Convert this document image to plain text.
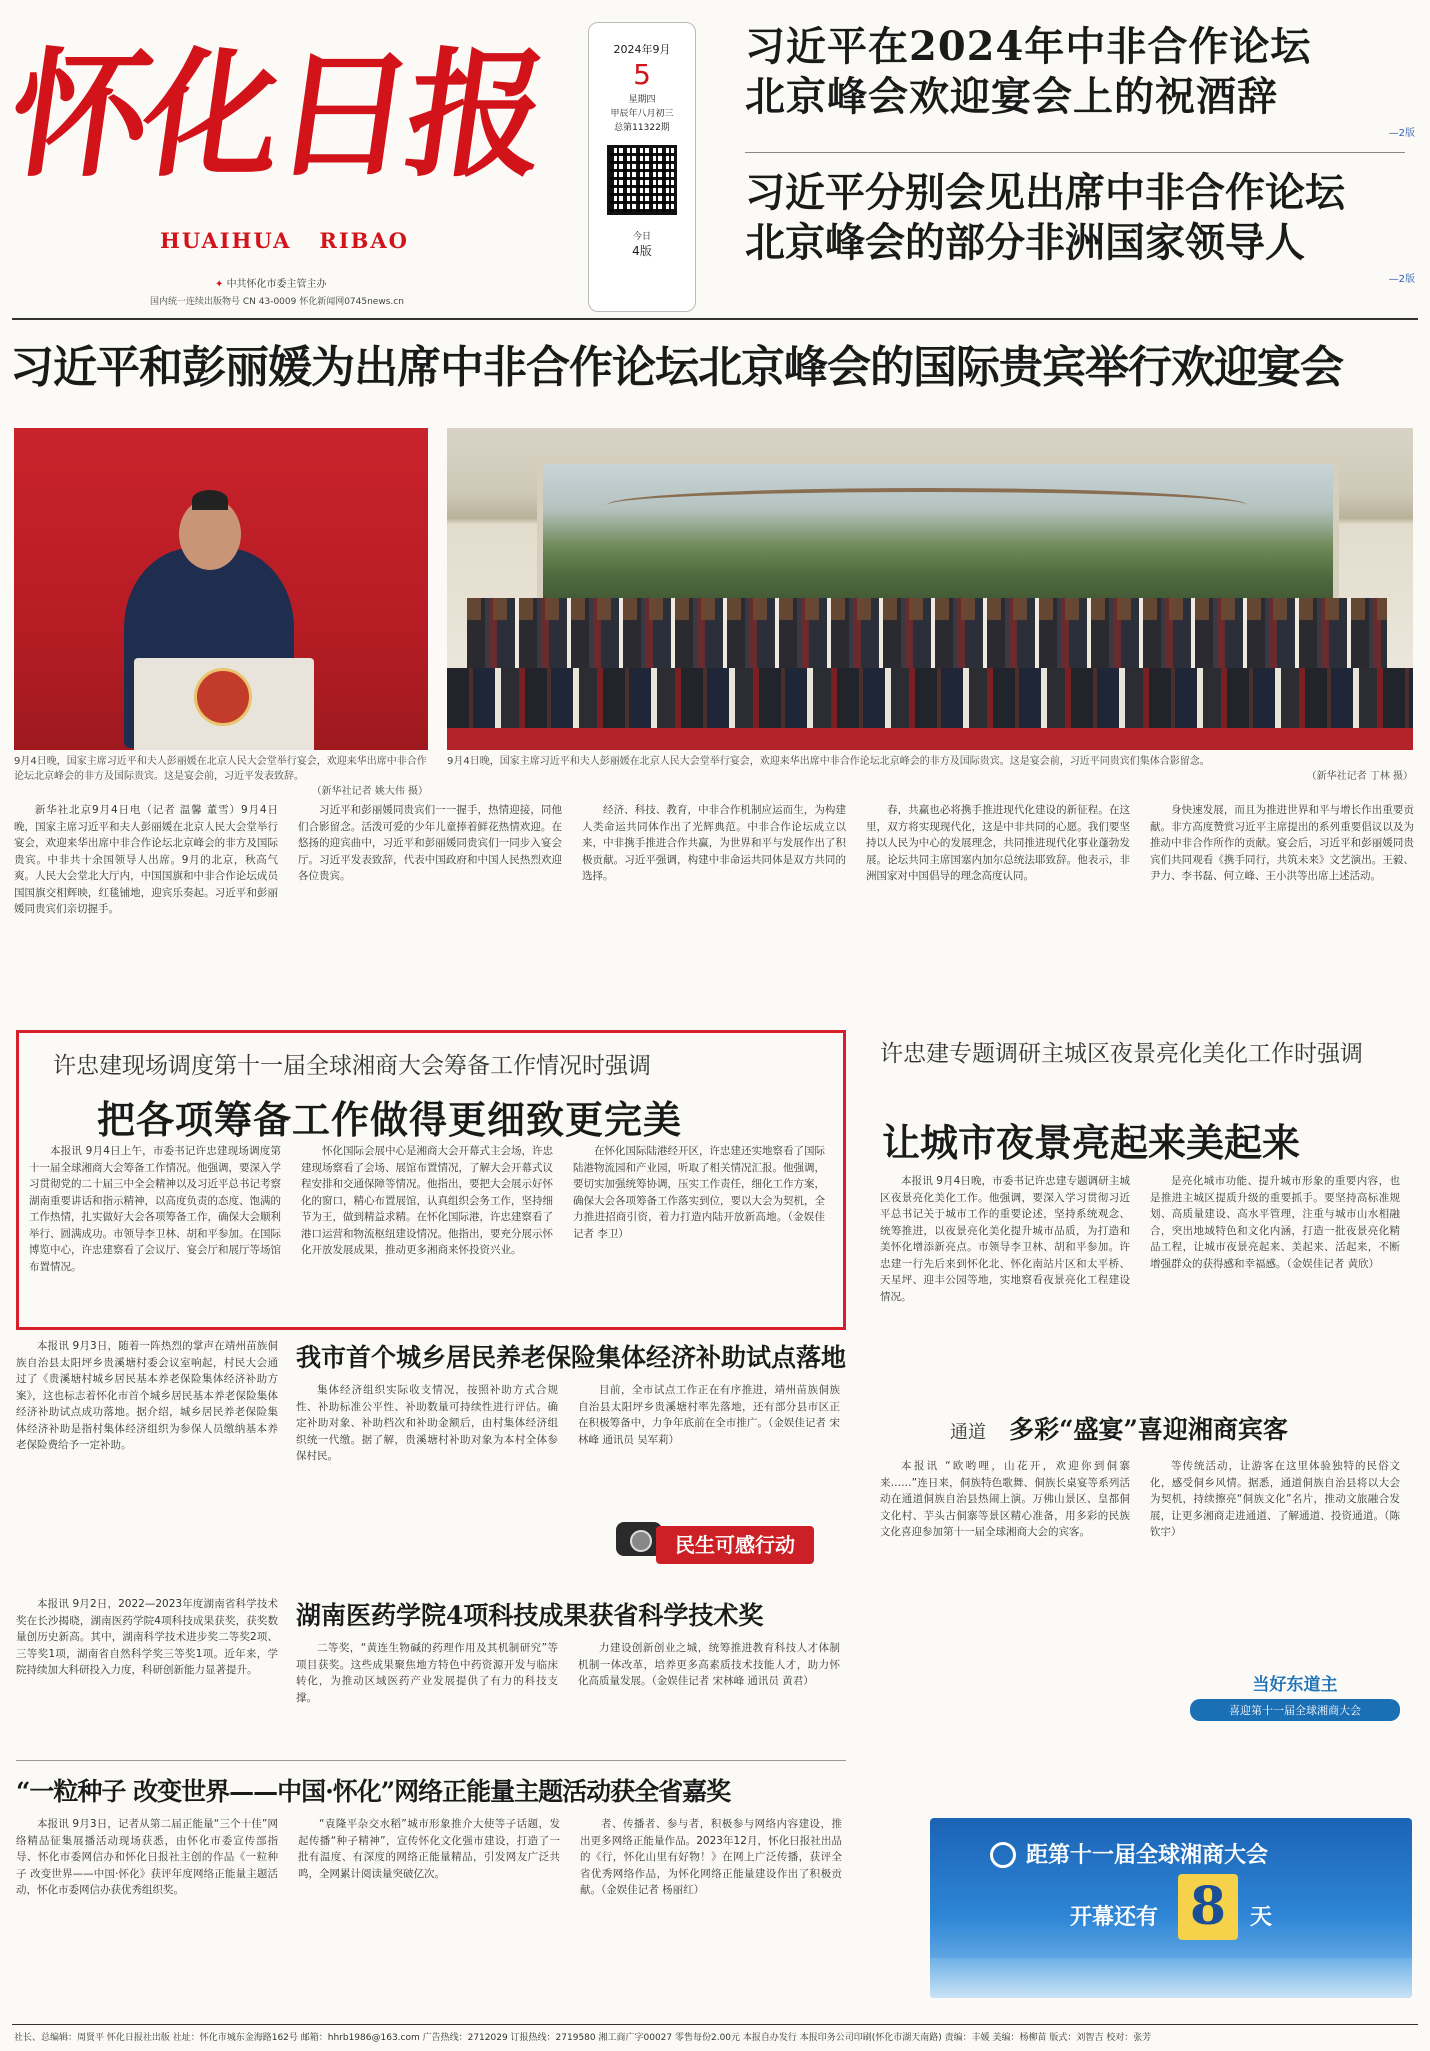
怀化日报
HUAIHUA   RIBAO
✦ 中共怀化市委主管主办
国内统一连续出版物号 CN 43-0009 怀化新闻网0745news.cn
2024年9月
5
星期四
甲辰年八月初三
总第11322期
今日
4版
习近平在2024年中非合作论坛
北京峰会欢迎宴会上的祝酒辞
—2版
习近平分别会见出席中非合作论坛
北京峰会的部分非洲国家领导人
—2版
习近平和彭丽媛为出席中非合作论坛北京峰会的国际贵宾举行欢迎宴会
9月4日晚，国家主席习近平和夫人彭丽媛在北京人民大会堂举行宴会，欢迎来华出席中非合作论坛北京峰会的非方及国际贵宾。这是宴会前，习近平发表致辞。
（新华社记者 姚大伟 摄）
9月4日晚，国家主席习近平和夫人彭丽媛在北京人民大会堂举行宴会，欢迎来华出席中非合作论坛北京峰会的非方及国际贵宾。这是宴会前，习近平同贵宾们集体合影留念。
（新华社记者 丁林 摄）

新华社北京9月4日电（记者 温馨 董雪）9月4日晚，国家主席习近平和夫人彭丽媛在北京人民大会堂举行宴会，欢迎来华出席中非合作论坛北京峰会的非方及国际贵宾。中非共十余国领导人出席。9月的北京，秋高气爽。人民大会堂北大厅内，中国国旗和中非合作论坛成员国国旗交相辉映，红毯铺地，迎宾乐奏起。习近平和彭丽媛同贵宾们亲切握手。

习近平和彭丽媛同贵宾们一一握手，热情迎接，同他们合影留念。活泼可爱的少年儿童捧着鲜花热情欢迎。在悠扬的迎宾曲中，习近平和彭丽媛同贵宾们一同步入宴会厅。习近平发表致辞，代表中国政府和中国人民热烈欢迎各位贵宾。

经济、科技、教育，中非合作机制应运而生，为构建人类命运共同体作出了光辉典范。中非合作论坛成立以来，中非携手推进合作共赢，为世界和平与发展作出了积极贡献。习近平强调，构建中非命运共同体是双方共同的选择。

春，共赢也必将携手推进现代化建设的新征程。在这里，双方将实现现代化，这是中非共同的心愿。我们要坚持以人民为中心的发展理念，共同推进现代化事业蓬勃发展。论坛共同主席国塞内加尔总统法耶致辞。他表示，非洲国家对中国倡导的理念高度认同。

身快速发展，而且为推进世界和平与增长作出重要贡献。非方高度赞赏习近平主席提出的系列重要倡议以及为推动中非合作所作的贡献。宴会后，习近平和彭丽媛同贵宾们共同观看《携手同行，共筑未来》文艺演出。王毅、尹力、李书磊、何立峰、王小洪等出席上述活动。

许忠建现场调度第十一届全球湘商大会筹备工作情况时强调
把各项筹备工作做得更细致更完美

本报讯 9月4日上午，市委书记许忠建现场调度第十一届全球湘商大会筹备工作情况。他强调，要深入学习贯彻党的二十届三中全会精神以及习近平总书记考察湖南重要讲话和指示精神，以高度负责的态度、饱满的工作热情，扎实做好大会各项筹备工作，确保大会顺利举行、圆满成功。市领导李卫林、胡和平参加。在国际博览中心，许忠建察看了会议厅、宴会厅和展厅等场馆布置情况。

怀化国际会展中心是湘商大会开幕式主会场，许忠建现场察看了会场、展馆布置情况，了解大会开幕式议程安排和交通保障等情况。他指出，要把大会展示好怀化的窗口，精心布置展馆，认真组织会务工作，坚持细节为王，做到精益求精。在怀化国际港，许忠建察看了港口运营和物流枢纽建设情况。他指出，要充分展示怀化开放发展成果，推动更多湘商来怀投资兴业。

在怀化国际陆港经开区，许忠建还实地察看了国际陆港物流园和产业园，听取了相关情况汇报。他强调，要切实加强统筹协调，压实工作责任，细化工作方案，确保大会各项筹备工作落实到位，要以大会为契机，全力推进招商引资，着力打造内陆开放新高地。（金娱佳记者 李卫）

许忠建专题调研主城区夜景亮化美化工作时强调
让城市夜景亮起来美起来

本报讯 9月4日晚，市委书记许忠建专题调研主城区夜景亮化美化工作。他强调，要深入学习贯彻习近平总书记关于城市工作的重要论述，坚持系统观念、统筹推进，以夜景亮化美化提升城市品质，为打造和美怀化增添新亮点。市领导李卫林、胡和平参加。许忠建一行先后来到怀化北、怀化南站片区和太平桥、天星坪、迎丰公园等地，实地察看夜景亮化工程建设情况。

是亮化城市功能、提升城市形象的重要内容，也是推进主城区提质升级的重要抓手。要坚持高标准规划、高质量建设、高水平管理，注重与城市山水相融合，突出地域特色和文化内涵，打造一批夜景亮化精品工程，让城市夜景亮起来、美起来、活起来，不断增强群众的获得感和幸福感。（金娱佳记者 黄欣）

本报讯 9月3日，随着一阵热烈的掌声在靖州苗族侗族自治县太阳坪乡贵溪塘村委会议室响起，村民大会通过了《贵溪塘村城乡居民基本养老保险集体经济补助方案》，这也标志着怀化市首个城乡居民基本养老保险集体经济补助试点成功落地。据介绍，城乡居民养老保险集体经济补助是指村集体经济组织为参保人员缴纳基本养老保险费给予一定补助。

我市首个城乡居民养老保险集体经济补助试点落地

集体经济组织实际收支情况，按照补助方式合规性、补助标准公平性、补助数量可持续性进行评估。确定补助对象、补助档次和补助金额后，由村集体经济组织统一代缴。据了解，贵溪塘村补助对象为本村全体参保村民。

目前，全市试点工作正在有序推进，靖州苗族侗族自治县太阳坪乡贵溪塘村率先落地，还有部分县市区正在积极筹备中，力争年底前在全市推广。（金娱佳记者 宋林峰 通讯员 吴军莉）

民生可感行动
通道 多彩“盛宴”喜迎湘商宾客

本报讯 “欧哟哩，山花开，欢迎你到侗寨来……”连日来，侗族特色歌舞、侗族长桌宴等系列活动在通道侗族自治县热闹上演。万佛山景区、皇都侗文化村、芋头古侗寨等景区精心准备，用多彩的民族文化喜迎参加第十一届全球湘商大会的宾客。

等传统活动，让游客在这里体验独特的民俗文化，感受侗乡风情。据悉，通道侗族自治县将以大会为契机，持续擦亮“侗族文化”名片，推动文旅融合发展，让更多湘商走进通道、了解通道、投资通道。（陈钦宇）

当好东道主
喜迎第十一届全球湘商大会

本报讯 9月2日，2022—2023年度湖南省科学技术奖在长沙揭晓，湖南医药学院4项科技成果获奖，获奖数量创历史新高。其中，湖南科学技术进步奖二等奖2项、三等奖1项，湖南省自然科学奖三等奖1项。近年来，学院持续加大科研投入力度，科研创新能力显著提升。

湖南医药学院4项科技成果获省科学技术奖

二等奖，“黄连生物碱的药理作用及其机制研究”等项目获奖。这些成果聚焦地方特色中药资源开发与临床转化，为推动区域医药产业发展提供了有力的科技支撑。

力建设创新创业之城，统筹推进教育科技人才体制机制一体改革，培养更多高素质技术技能人才，助力怀化高质量发展。（金娱佳记者 宋林峰 通讯员 黄君）

“一粒种子 改变世界——中国·怀化”网络正能量主题活动获全省嘉奖

本报讯 9月3日，记者从第二届正能量“三个十佳”网络精品征集展播活动现场获悉，由怀化市委宣传部指导、怀化市委网信办和怀化日报社主创的作品《一粒种子 改变世界——中国·怀化》获评年度网络正能量主题活动，怀化市委网信办获优秀组织奖。

“袁隆平杂交水稻”城市形象推介大使等子话题，发起传播“种子精神”，宣传怀化文化强市建设，打造了一批有温度、有深度的网络正能量精品，引发网友广泛共鸣，全网累计阅读量突破亿次。

者、传播者、参与者，积极参与网络内容建设，推出更多网络正能量作品。2023年12月，怀化日报社出品的《行，怀化山里有好物！》在网上广泛传播，获评全省优秀网络作品，为怀化网络正能量建设作出了积极贡献。（金娱佳记者 杨丽红）

距第十一届全球湘商大会
开幕还有 8	天
社长、总编辑：周贤平 怀化日报社出版 社址：怀化市城东金海路162号 邮箱：hhrb1986@163.com 广告热线：2712029 订报热线：2719580 湘工商广字00027 零售每份2.00元 本报自办发行 本报印务公司印刷(怀化市湖天南路) 责编：丰媛 美编：杨柳苗 版式：刘智吉 校对：张芳
